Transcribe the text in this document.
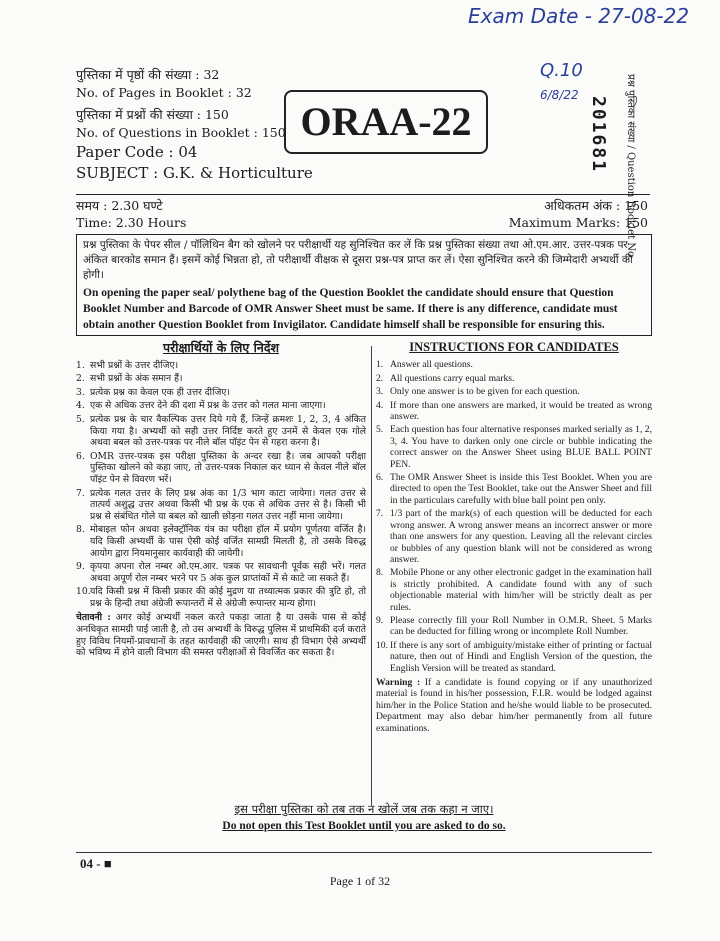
Exam Date - 27-08-22
Q.10
6/8/22
पुस्तिका में पृष्ठों की संख्या : 32
No. of Pages in Booklet : 32
पुस्तिका में प्रश्नों की संख्या : 150
No. of Questions in Booklet : 150
Paper Code : 04
SUBJECT : G.K. & Horticulture
ORAA-22	201681 प्रश्न पुस्तिका संख्या / Question Booklet No.
समय : 2.30 घण्टे
Time: 2.30 Hours
अधिकतम अंक : 150
Maximum Marks: 150
प्रश्न पुस्तिका के पेपर सील / पॉलिथिन बैग को खोलने पर परीक्षार्थी यह सुनिश्चित कर लें कि प्रश्न पुस्तिका संख्या तथा ओ.एम.आर. उत्तर-पत्रक पर अंकित बारकोड समान हैं। इसमें कोई भिन्नता हो, तो परीक्षार्थी वीक्षक से दूसरा प्रश्न-पत्र प्राप्त कर लें। ऐसा सुनिश्चित करने की जिम्मेदारी अभ्यर्थी की होगी।
On opening the paper seal/ polythene bag of the Question Booklet the candidate should ensure that Question Booklet Number and Barcode of OMR Answer Sheet must be same. If there is any difference, candidate must obtain another Question Booklet from Invigilator. Candidate himself shall be responsible for ensuring this.
परीक्षार्थियों के लिए निर्देश
1. सभी प्रश्नों के उत्तर दीजिए।
2. सभी प्रश्नों के अंक समान हैं।
3. प्रत्येक प्रश्न का केवल एक ही उत्तर दीजिए।
4. एक से अधिक उत्तर देने की दशा में प्रश्न के उत्तर को गलत माना जाएगा।
5. प्रत्येक प्रश्न के चार वैकल्पिक उत्तर दिये गये हैं, जिन्हें क्रमशः 1, 2, 3, 4 अंकित किया गया है। अभ्यर्थी को सही उत्तर निर्दिष्ट करते हुए उनमें से केवल एक गोले अथवा बबल को उत्तर-पत्रक पर नीले बॉल पॉइंट पेन से गहरा करना है।
6. OMR उत्तर-पत्रक इस परीक्षा पुस्तिका के अन्दर रखा है। जब आपको परीक्षा पुस्तिका खोलने को कहा जाए, तो उत्तर-पत्रक निकाल कर ध्यान से केवल नीले बॉल पॉइंट पेन से विवरण भरें।
7. प्रत्येक गलत उत्तर के लिए प्रश्न अंक का 1/3 भाग काटा जायेगा। गलत उत्तर से तात्पर्य अशुद्ध उत्तर अथवा किसी भी प्रश्न के एक से अधिक उत्तर से है। किसी भी प्रश्न से संबंधित गोले या बबल को खाली छोड़ना गलत उत्तर नहीं माना जायेगा।
8. मोबाइल फोन अथवा इलेक्ट्रॉनिक यंत्र का परीक्षा हॉल में प्रयोग पूर्णतया वर्जित है। यदि किसी अभ्यर्थी के पास ऐसी कोई वर्जित सामग्री मिलती है, तो उसके विरुद्ध आयोग द्वारा नियमानुसार कार्यवाही की जायेगी।
9. कृपया अपना रोल नम्बर ओ.एम.आर. पत्रक पर सावधानी पूर्वक सही भरें। गलत अथवा अपूर्ण रोल नम्बर भरने पर 5 अंक कुल प्राप्तांकों में से काटे जा सकते हैं।
10. यदि किसी प्रश्न में किसी प्रकार की कोई मुद्रण या तथ्यात्मक प्रकार की त्रुटि हो, तो प्रश्न के हिन्दी तथा अंग्रेजी रूपान्तरों में से अंग्रेजी रूपान्तर मान्य होगा।
चेतावनी : अगर कोई अभ्यर्थी नकल करते पकड़ा जाता है या उसके पास से कोई अनधिकृत सामग्री पाई जाती है, तो उस अभ्यर्थी के विरुद्ध पुलिस में प्राथमिकी दर्ज कराते हुए विविध नियमों-प्रावधानों के तहत कार्यवाही की जाएगी। साथ ही विभाग ऐसे अभ्यर्थी को भविष्य में होने वाली विभाग की समस्त परीक्षाओं से विवर्जित कर सकता है।
INSTRUCTIONS FOR CANDIDATES
1. Answer all questions.
2. All questions carry equal marks.
3. Only one answer is to be given for each question.
4. If more than one answers are marked, it would be treated as wrong answer.
5. Each question has four alternative responses marked serially as 1, 2, 3, 4. You have to darken only one circle or bubble indicating the correct answer on the Answer Sheet using BLUE BALL POINT PEN.
6. The OMR Answer Sheet is inside this Test Booklet. When you are directed to open the Test Booklet, take out the Answer Sheet and fill in the particulars carefully with blue ball point pen only.
7. 1/3 part of the mark(s) of each question will be deducted for each wrong answer. A wrong answer means an incorrect answer or more than one answers for any question. Leaving all the relevant circles or bubbles of any question blank will not be considered as wrong answer.
8. Mobile Phone or any other electronic gadget in the examination hall is strictly prohibited. A candidate found with any of such objectionable material with him/her will be strictly dealt as per rules.
9. Please correctly fill your Roll Number in O.M.R. Sheet. 5 Marks can be deducted for filling wrong or incomplete Roll Number.
10. If there is any sort of ambiguity/mistake either of printing or factual nature, then out of Hindi and English Version of the question, the English Version will be treated as standard.
Warning : If a candidate is found copying or if any unauthorized material is found in his/her possession, F.I.R. would be lodged against him/her in the Police Station and he/she would liable to be prosecuted. Department may also debar him/her permanently from all future examinations.
इस परीक्षा पुस्तिका को तब तक न खोलें जब तक कहा न जाए।
Do not open this Test Booklet until you are asked to do so.
04 - ■
Page 1 of 32
